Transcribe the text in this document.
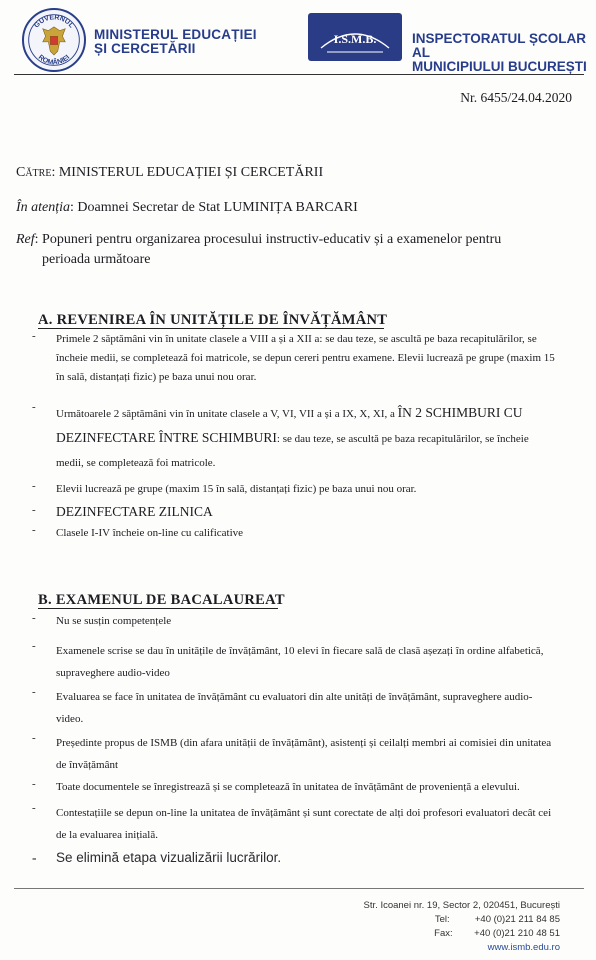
GUVERNUL
ROMÂNIEI
MINISTERUL EDUCAȚIEI
ȘI CERCETĂRII
I.S.M.B.	INSPECTORATUL ȘCOLAR AL
MUNICIPIULUI BUCUREȘTI
Nr. 6455/24.04.2020
Către: MINISTERUL EDUCAȚIEI ȘI CERCETĂRII
În atenția: Doamnei Secretar de Stat LUMINIȚA BARCARI
Ref: Popuneri pentru organizarea procesului instructiv-educativ și a examenelor pentru
perioada următoare
A. REVENIREA ÎN UNITĂȚILE DE ÎNVĂȚĂMÂNT
- Primele 2 săptămâni vin în unitate clasele a VIII a și a XII a: se dau teze, se ascultă pe baza recapitulărilor, se încheie medii, se completează foi matricole, se depun cereri pentru examene. Elevii lucrează pe grupe (maxim 15 în sală, distanțați fizic) pe baza unui nou orar.
-
Următoarele 2 săptămâni vin în unitate clasele a V, VI, VII a și a IX, X, XI, a ÎN 2 SCHIMBURI CU DEZINFECTARE ÎNTRE SCHIMBURI: se dau teze, se ascultă pe baza recapitulărilor, se încheie medii, se completează foi matricole.
- Elevii lucrează pe grupe (maxim 15 în sală, distanțați fizic) pe baza unui nou orar.
- DEZINFECTARE ZILNICA
- Clasele I-IV încheie on-line cu calificative
B. EXAMENUL DE BACALAUREAT
- Nu se susțin competențele
- Examenele scrise se dau în unitățile de învățământ, 10 elevi în fiecare sală de clasă așezați în ordine alfabetică, supraveghere audio-video
- Evaluarea se face în unitatea de învățământ cu evaluatori din alte unități de învățământ, supraveghere audio-video.
- Președinte propus de ISMB (din afara unității de învățământ), asistenți și ceilalți membri ai comisiei din unitatea de învățământ
- Toate documentele se înregistrează și se completează în unitatea de învățământ de proveniență a elevului.
- Contestațiile se depun on-line la unitatea de învățământ și sunt corectate de alți doi profesori evaluatori decât cei de la evaluarea inițială.
- Se elimină etapa vizualizării lucrărilor.
Str. Icoanei nr. 19, Sector 2, 020451, București
Tel:	+40 (0)21 211 84 85
Fax: +40 (0)21 210 48 51
www.ismb.edu.ro
